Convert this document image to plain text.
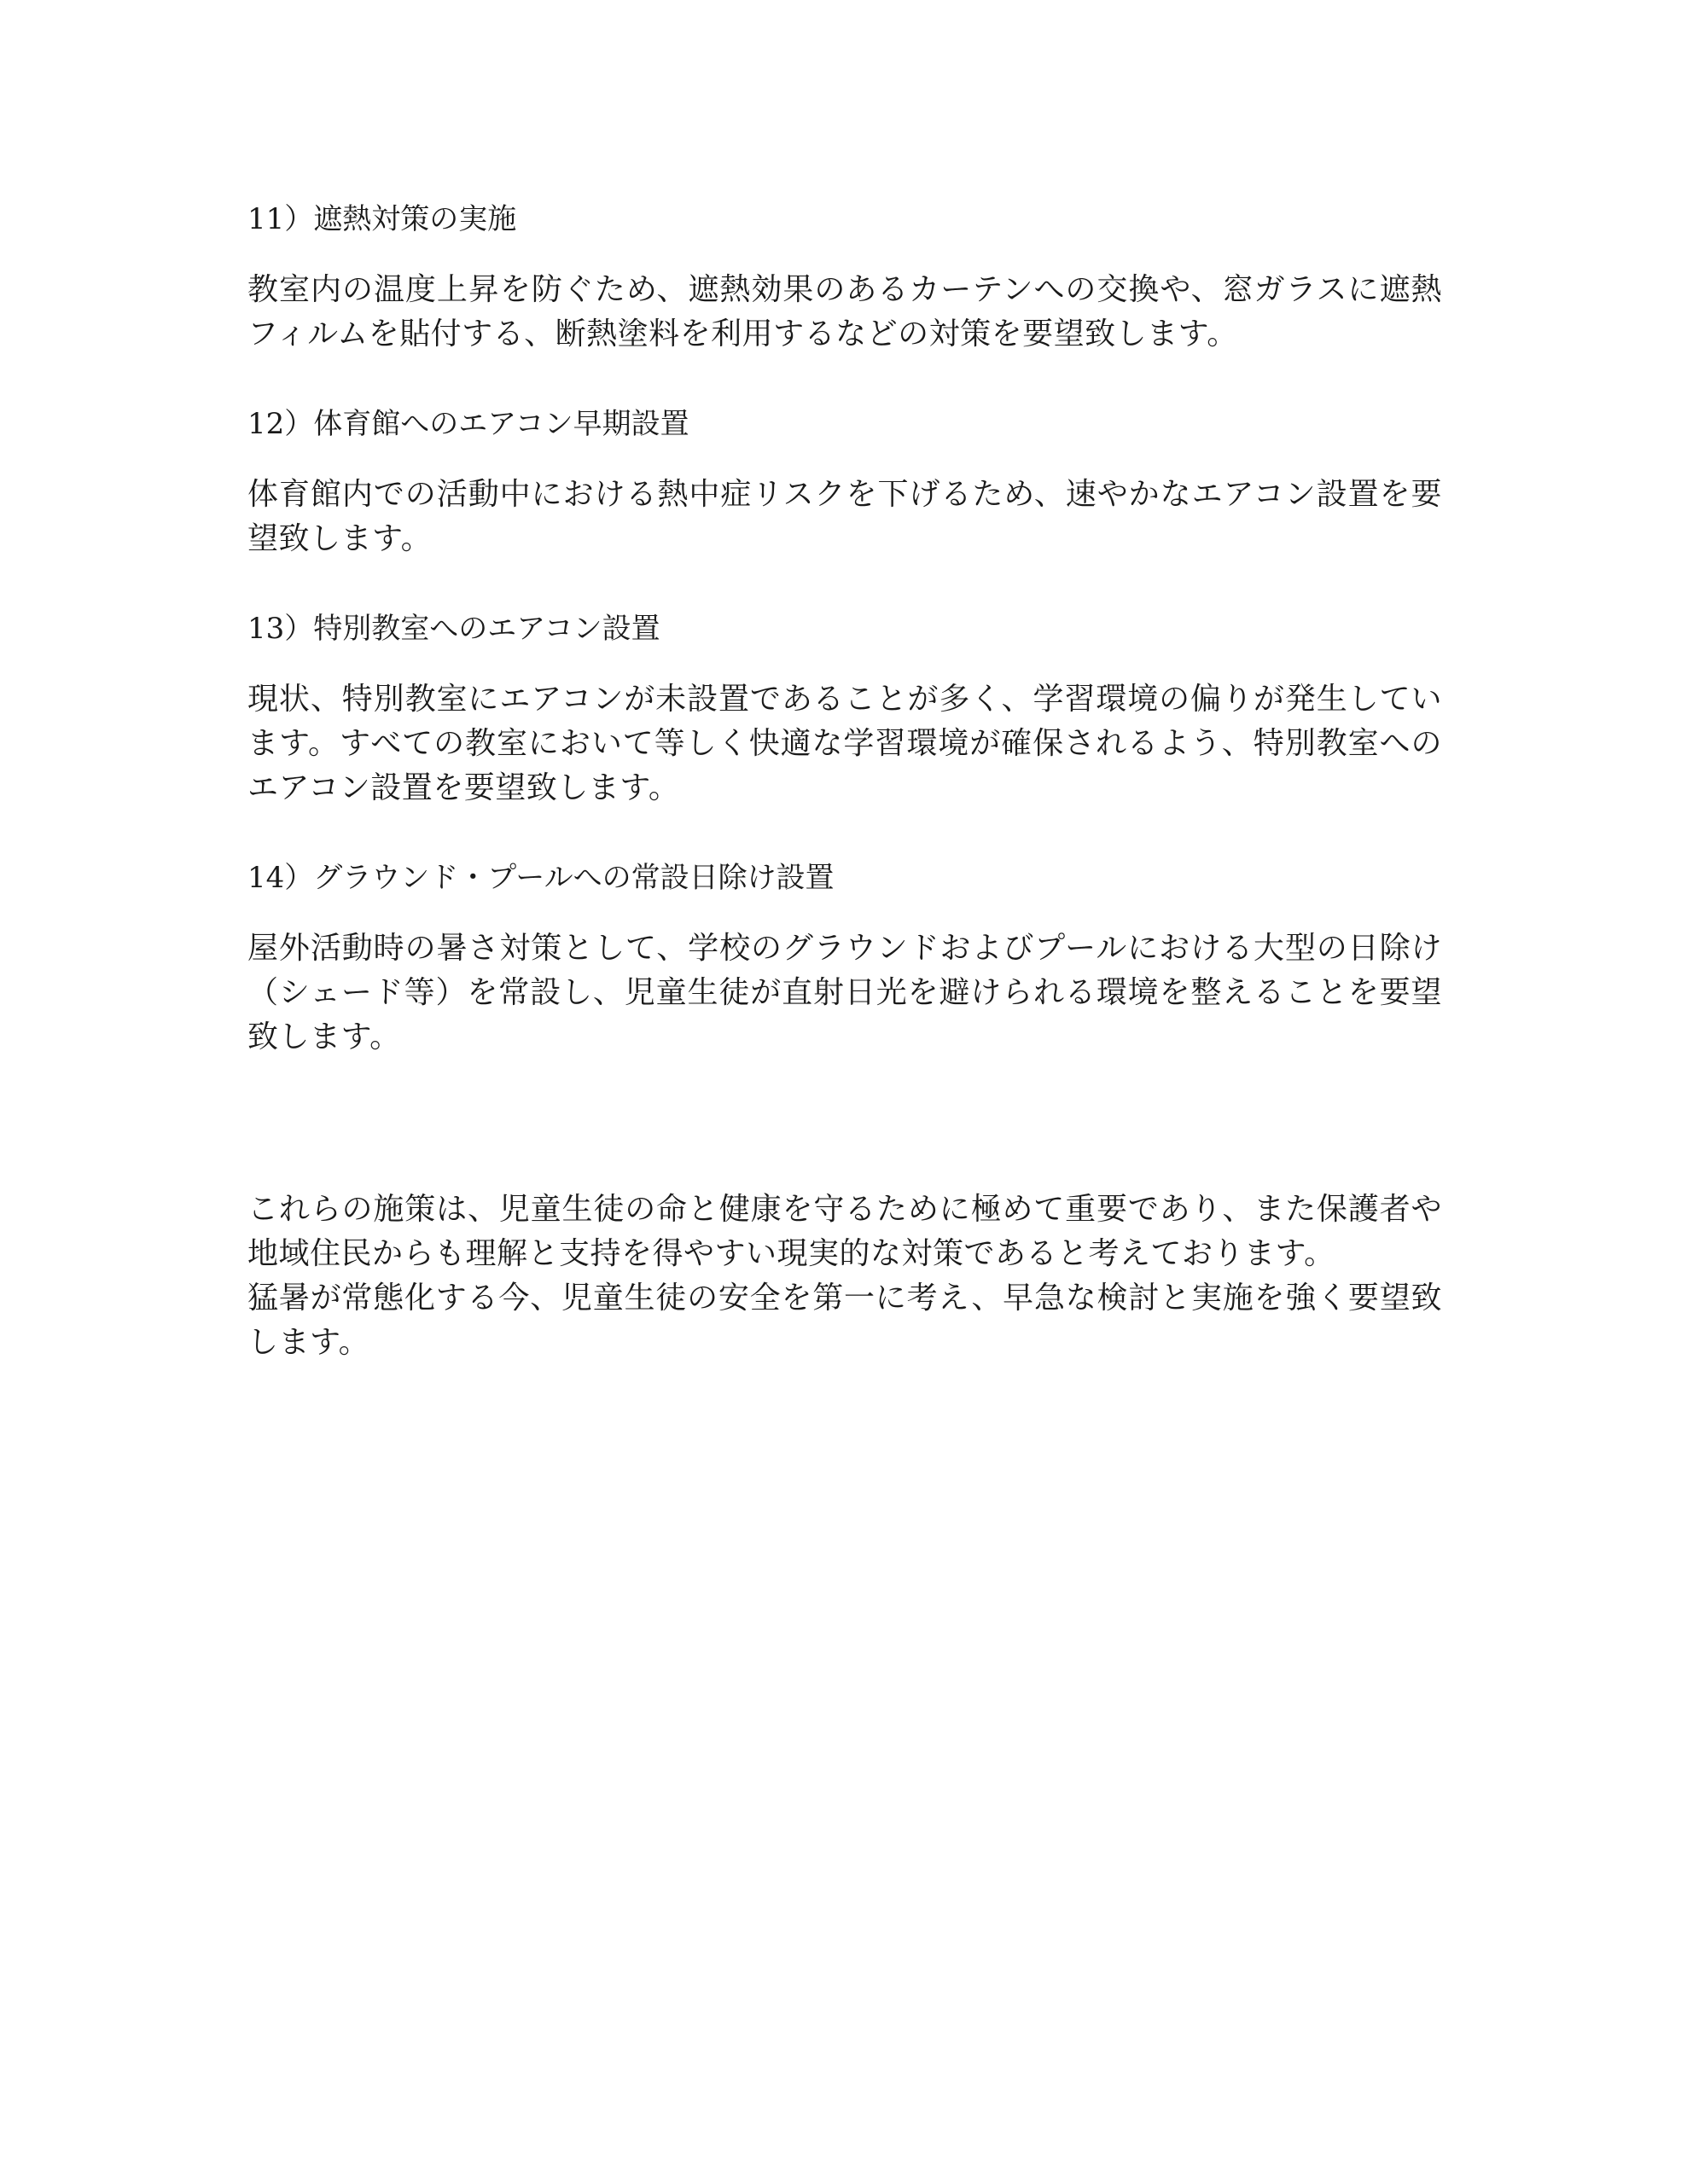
11）遮熱対策の実施

教室内の温度上昇を防ぐため、遮熱効果のあるカーテンへの交換や、窓ガラスに遮熱フィルムを貼付する、断熱塗料を利用するなどの対策を要望致します。

12）体育館へのエアコン早期設置

体育館内での活動中における熱中症リスクを下げるため、速やかなエアコン設置を要望致します。

13）特別教室へのエアコン設置

現状、特別教室にエアコンが未設置であることが多く、学習環境の偏りが発生しています。すべての教室において等しく快適な学習環境が確保されるよう、特別教室へのエアコン設置を要望致します。

14）グラウンド・プールへの常設日除け設置

屋外活動時の暑さ対策として、学校のグラウンドおよびプールにおける大型の日除け（シェード等）を常設し、児童生徒が直射日光を避けられる環境を整えることを要望致します。

これらの施策は、児童生徒の命と健康を守るために極めて重要であり、また保護者や地域住民からも理解と支持を得やすい現実的な対策であると考えております。

猛暑が常態化する今、児童生徒の安全を第一に考え、早急な検討と実施を強く要望致します。
